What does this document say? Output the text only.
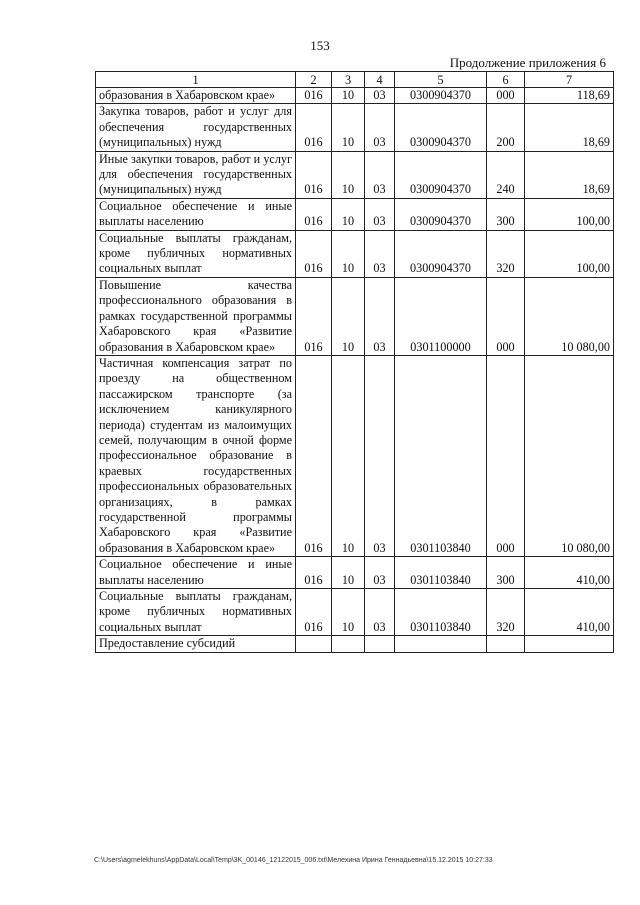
153
Продолжение приложения 6
1	2	3	4	5	6	7
образования в Хабаровском крае»	016	10	03	0300904370	000	118,69
Закупка товаров, работ и услуг для обеспечения государственных (муниципальных) нужд	016	10	03	0300904370	200	18,69
Иные закупки товаров, работ и услуг для обеспечения государственных (муниципальных) нужд	016	10	03	0300904370	240	18,69
Социальное обеспечение и иные выплаты населению	016	10	03	0300904370	300	100,00
Социальные выплаты гражданам, кроме публичных нормативных социальных выплат	016	10	03	0300904370	320	100,00
Повышение качества профессионального образования в рамках государственной программы Хабаровского края «Развитие образования в Хабаровском крае»	016	10	03	0301100000	000	10 080,00
Частичная компенсация затрат по проезду на общественном пассажирском транспорте (за исключением каникулярного периода) студентам из малоимущих семей, получающим в очной форме профессиональное образование в краевых государственных профессиональных образовательных организациях, в рамках государственной программы Хабаровского края «Развитие образования в Хабаровском крае»	016	10	03	0301103840	000	10 080,00
Социальное обеспечение и иные выплаты населению	016	10	03	0301103840	300	410,00
Социальные выплаты гражданам, кроме публичных нормативных социальных выплат	016	10	03	0301103840	320	410,00
Предоставление субсидий						
C:\Users\agmelekhuns\AppData\Local\Temp\3K_00146_12122015_006.txt\Мелехина Ирина Геннадьевна\15.12.2015 10:27:33
